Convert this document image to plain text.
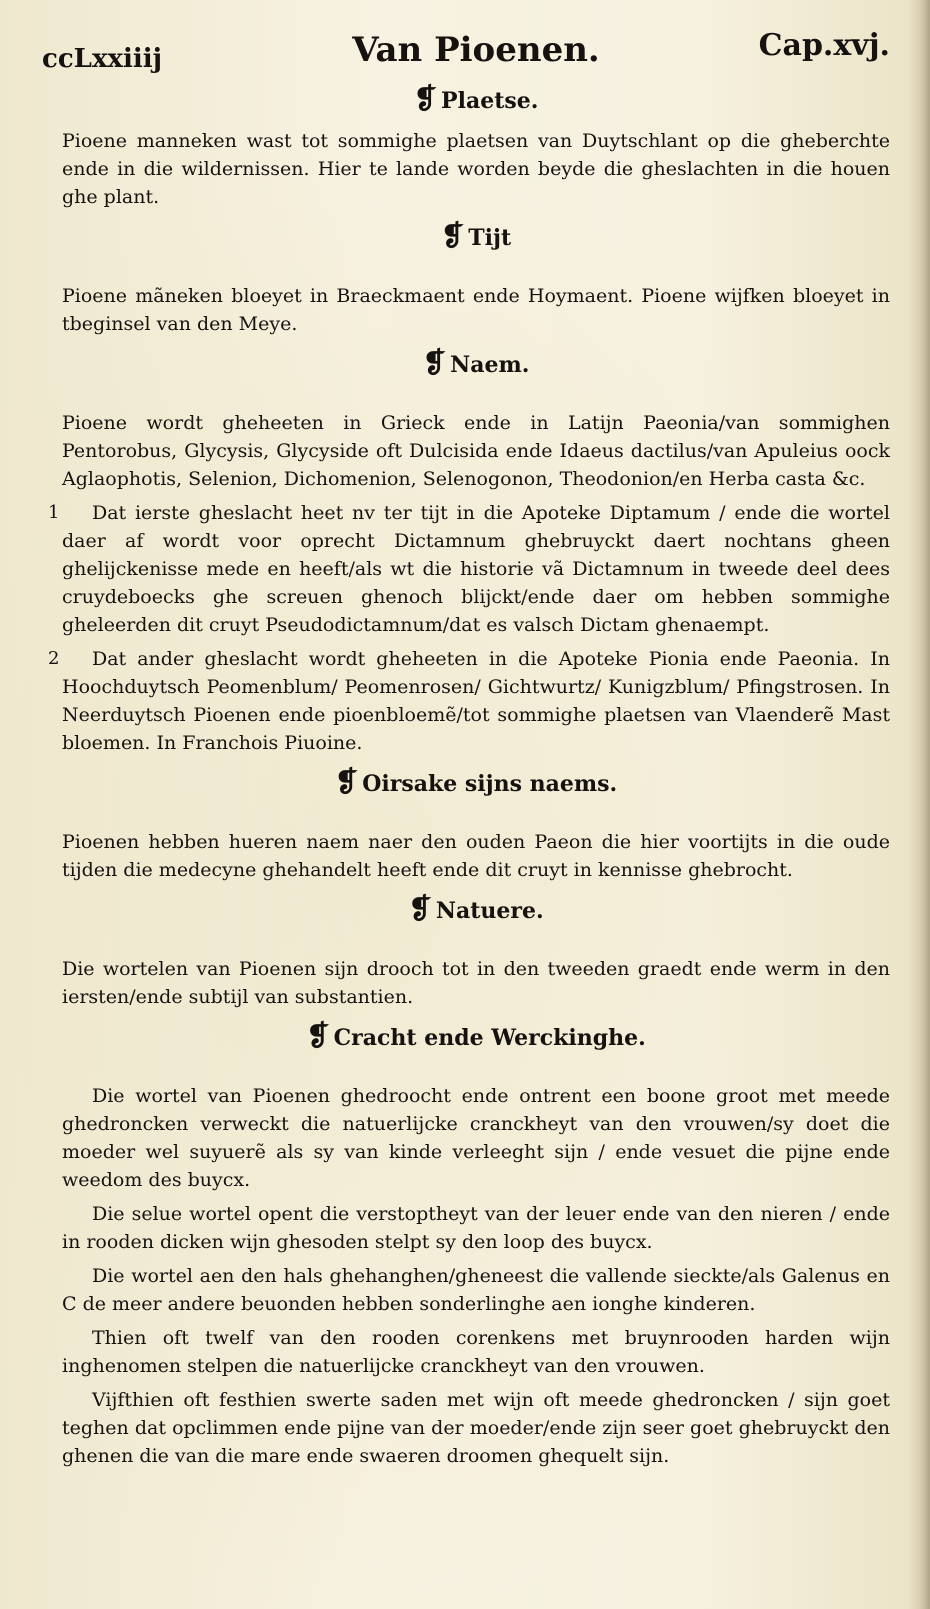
ccLxxiiij	Van Pioenen.	Cap.xvj.
❡ Plaetse.

Pioene manneken wast tot sommighe plaetsen van Duytschlant op die gheberchte ende in die wildernissen. Hier te lande worden beyde die gheslachten in die houen ghe plant.

❡ Tijt

Pioene mãneken bloeyet in Braeckmaent ende Hoymaent. Pioene wijfken bloeyet in tbeginsel van den Meye.

❡ Naem.

Pioene wordt gheheeten in Grieck ende in Latijn Paeonia/van sommighen Pentorobus, Glycysis, Glycyside oft Dulcisida ende Idaeus dactilus/van Apuleius oock Aglaophotis, Selenion, Dichomenion, Selenogonon, Theodonion/en Herba casta &c.

1 Dat ierste gheslacht heet nv ter tijt in die Apoteke Diptamum / ende die wortel daer af wordt voor oprecht Dictamnum ghebruyckt daert nochtans gheen ghelijckenisse mede en heeft/als wt die historie vã Dictamnum in tweede deel dees cruydeboecks ghe screuen ghenoch blijckt/ende daer om hebben sommighe gheleerden dit cruyt Pseudodictamnum/dat es valsch Dictam ghenaempt.

2 Dat ander gheslacht wordt gheheeten in die Apoteke Pionia ende Paeonia. In Hoochduytsch Peomenblum/ Peomenrosen/ Gichtwurtz/ Kunigzblum/ Pfingstrosen. In Neerduytsch Pioenen ende pioenbloemẽ/tot sommighe plaetsen van Vlaenderẽ Mast bloemen. In Franchois Piuoine.

❡ Oirsake sijns naems.

Pioenen hebben hueren naem naer den ouden Paeon die hier voortijts in die oude tijden die medecyne ghehandelt heeft ende dit cruyt in kennisse ghebrocht.

❡ Natuere.

Die wortelen van Pioenen sijn drooch tot in den tweeden graedt ende werm in den iersten/ende subtijl van substantien.

❡ Cracht ende Werckinghe.

Die wortel van Pioenen ghedroocht ende ontrent een boone groot met meede ghedroncken verweckt die natuerlijcke cranckheyt van den vrouwen/sy doet die moeder wel suyuerẽ als sy van kinde verleeght sijn / ende vesuet die pijne ende weedom des buycx.

Die selue wortel opent die verstoptheyt van der leuer ende van den nieren / ende in rooden dicken wijn ghesoden stelpt sy den loop des buycx.

Die wortel aen den hals ghehanghen/gheneest die vallende sieckte/als Galenus en C de meer andere beuonden hebben sonderlinghe aen ionghe kinderen.

Thien oft twelf van den rooden corenkens met bruynrooden harden wijn inghenomen stelpen die natuerlijcke cranckheyt van den vrouwen.

Vijfthien oft festhien swerte saden met wijn oft meede ghedroncken / sijn goet teghen dat opclimmen ende pijne van der moeder/ende zijn seer goet ghebruyckt den ghenen die van die mare ende swaeren droomen ghequelt sijn.
